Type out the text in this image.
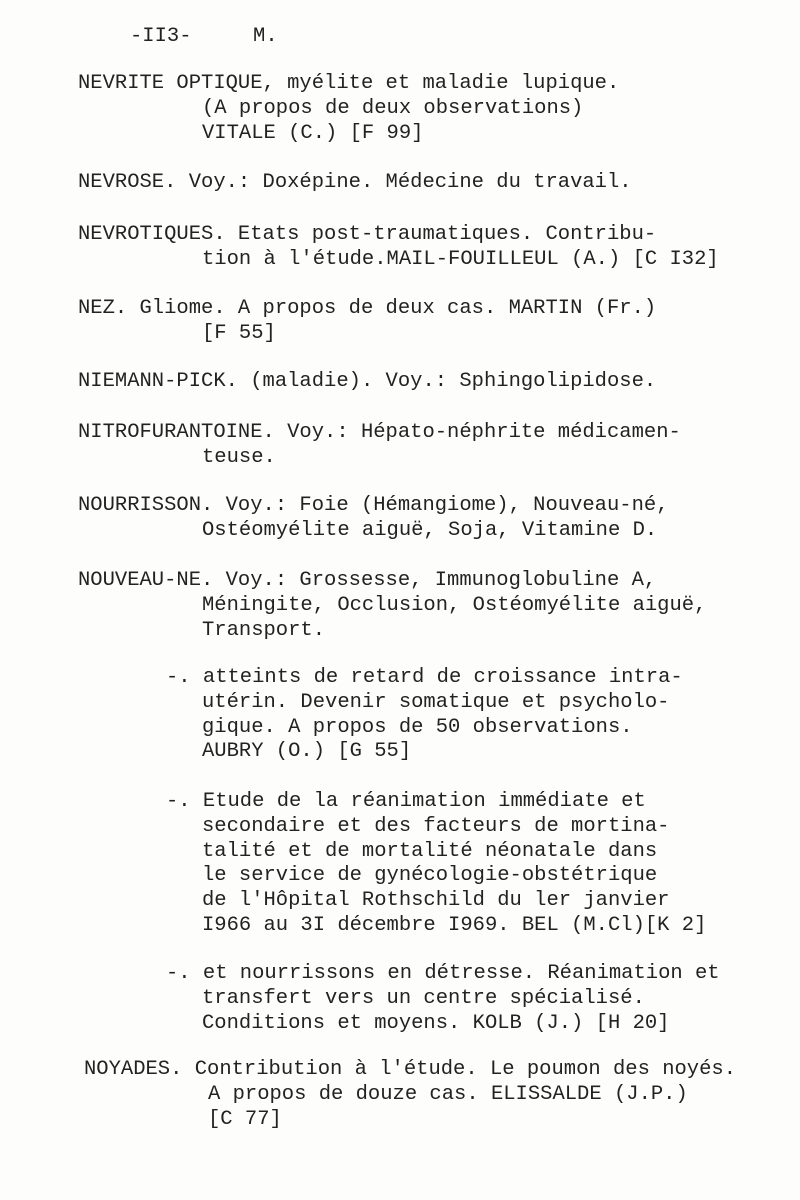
-II3-	M.
NEVRITE OPTIQUE, myélite et maladie lupique.
(A propos de deux observations)
VITALE (C.) [F 99]
NEVROSE. Voy.: Doxépine. Médecine du travail.
NEVROTIQUES. Etats post-traumatiques. Contribu-
tion à l'étude.MAIL-FOUILLEUL (A.) [C I32]
NEZ. Gliome. A propos de deux cas. MARTIN (Fr.)
[F 55]
NIEMANN-PICK. (maladie). Voy.: Sphingolipidose.
NITROFURANTOINE. Voy.: Hépato-néphrite médicamen-
teuse.
NOURRISSON. Voy.: Foie (Hémangiome), Nouveau-né,
Ostéomyélite aiguë, Soja, Vitamine D.
NOUVEAU-NE. Voy.: Grossesse, Immunoglobuline A,
Méningite, Occlusion, Ostéomyélite aiguë,
Transport.
-. atteints de retard de croissance intra-
utérin. Devenir somatique et psycholo-
gique. A propos de 50 observations.
AUBRY (O.) [G 55]
-. Etude de la réanimation immédiate et
secondaire et des facteurs de mortina-
talité et de mortalité néonatale dans
le service de gynécologie-obstétrique
de l'Hôpital Rothschild du ler janvier
I966 au 3I décembre I969. BEL (M.Cl)[K 2]
-. et nourrissons en détresse. Réanimation et
transfert vers un centre spécialisé.
Conditions et moyens. KOLB (J.) [H 20]
NOYADES. Contribution à l'étude. Le poumon des noyés.
A propos de douze cas. ELISSALDE (J.P.)
[C 77]
